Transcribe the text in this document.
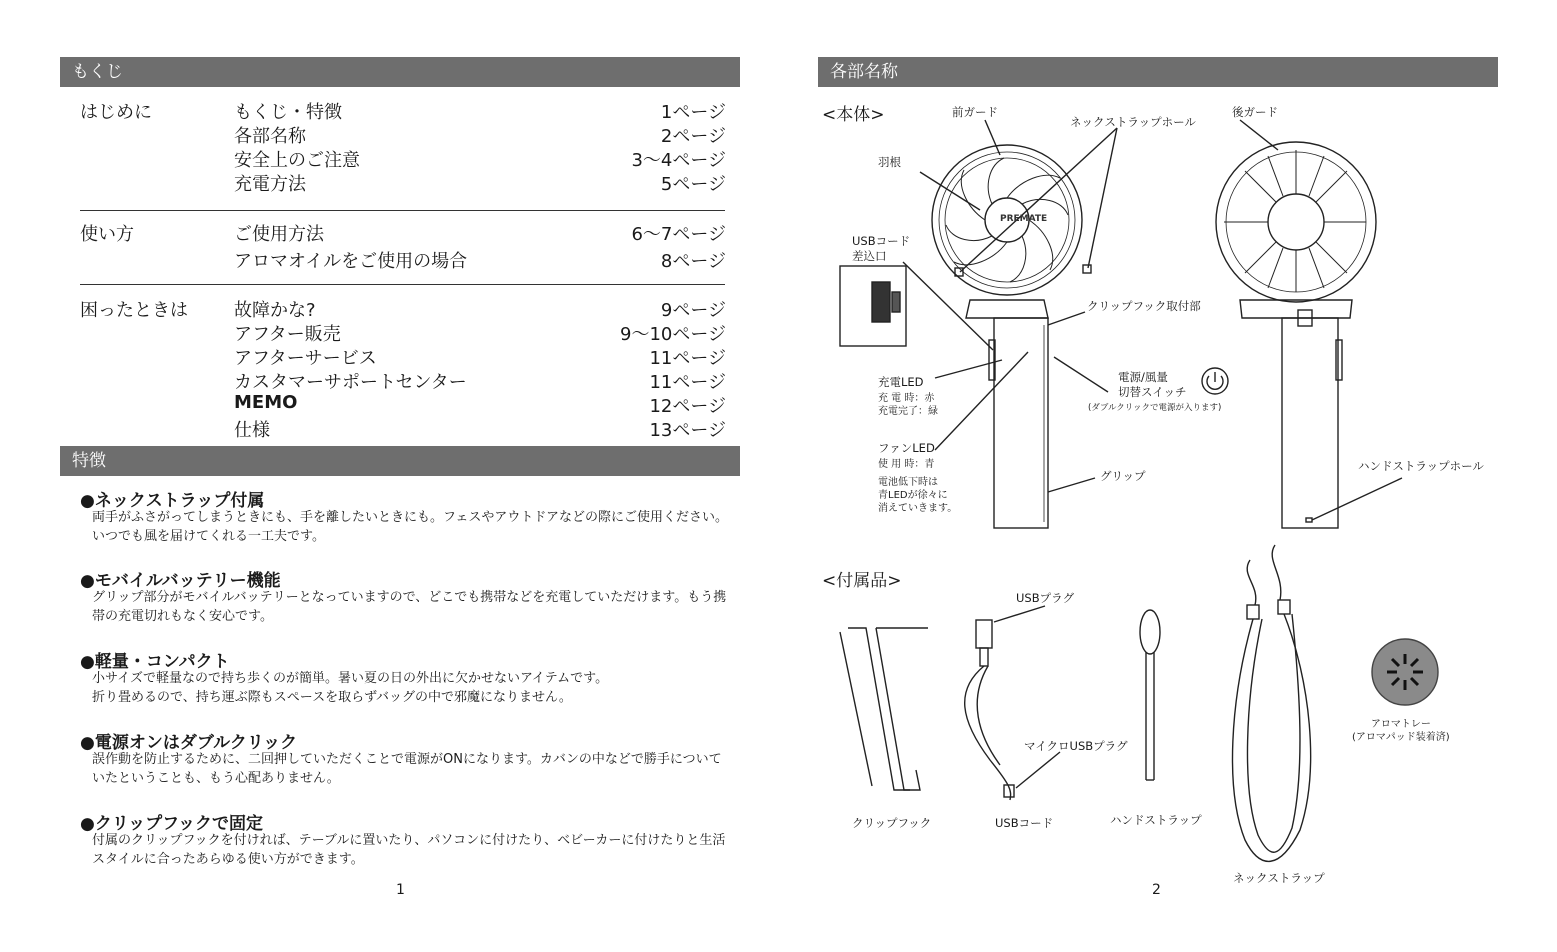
もくじ
はじめに	もくじ・特徴	1ページ
各部名称	2ページ
安全上のご注意	3〜4ページ
充電方法	5ページ
使い方	ご使用方法	6〜7ページ
アロマオイルをご使用の場合	8ページ
困ったときは	故障かな?	9ページ
アフター販売	9〜10ページ
アフターサービス	11ページ
カスタマーサポートセンター	11ページ
MEMO	12ページ
仕様	13ページ
特徴
●ネックストラップ付属
両手がふさがってしまうときにも、手を離したいときにも。フェスやアウトドアなどの際にご使用ください。いつでも風を届けてくれる一工夫です。
●モバイルバッテリー機能
グリップ部分がモバイルバッテリーとなっていますので、どこでも携帯などを充電していただけます。もう携帯の充電切れもなく安心です。
●軽量・コンパクト
小サイズで軽量なので持ち歩くのが簡単。暑い夏の日の外出に欠かせないアイテムです。
折り畳めるので、持ち運ぶ際もスペースを取らずバッグの中で邪魔になりません。
●電源オンはダブルクリック
誤作動を防止するために、二回押していただくことで電源がONになります。カバンの中などで勝手についていたということも、もう心配ありません。
●クリップフックで固定
付属のクリップフックを付ければ、テーブルに置いたり、パソコンに付けたり、ベビーカーに付けたりと生活スタイルに合ったあらゆる使い方ができます。
1
各部名称
PREMATE
<本体>	前ガード
ネックストラップホール
後ガード
羽根
USBコード
差込口
クリップフック取付部
充電LED
充 電 時：赤
充電完了：緑
電源/風量
切替スイッチ
(ダブルクリックで電源が入ります)
ファンLED
使 用 時：青
電池低下時は
青LEDが徐々に
消えていきます。
グリップ
ハンドストラップホール
<付属品>
USBプラグ
マイクロUSBプラグ
クリップフック	USBコード	ハンドストラップ
ネックストラップ
アロマトレー
(アロマパッド装着済)
2
